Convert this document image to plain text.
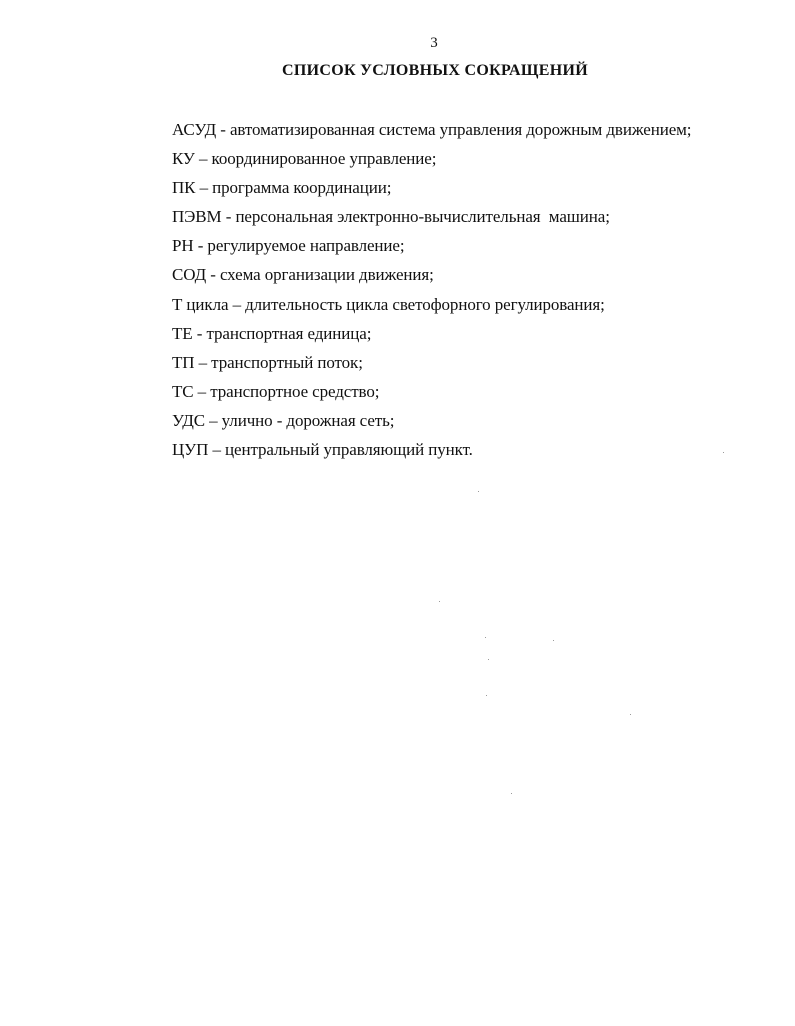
3
СПИСОК УСЛОВНЫХ СОКРАЩЕНИЙ
АСУД - автоматизированная система управления дорожным движением;
КУ – координированное управление;
ПК – программа координации;
ПЭВМ - персональная электронно-вычислительная  машина;
РН - регулируемое направление;
СОД - схема организации движения;
Т цикла – длительность цикла светофорного регулирования;
ТЕ - транспортная единица;
ТП – транспортный поток;
ТС – транспортное средство;
УДС – улично - дорожная сеть;
ЦУП – центральный управляющий пункт.
